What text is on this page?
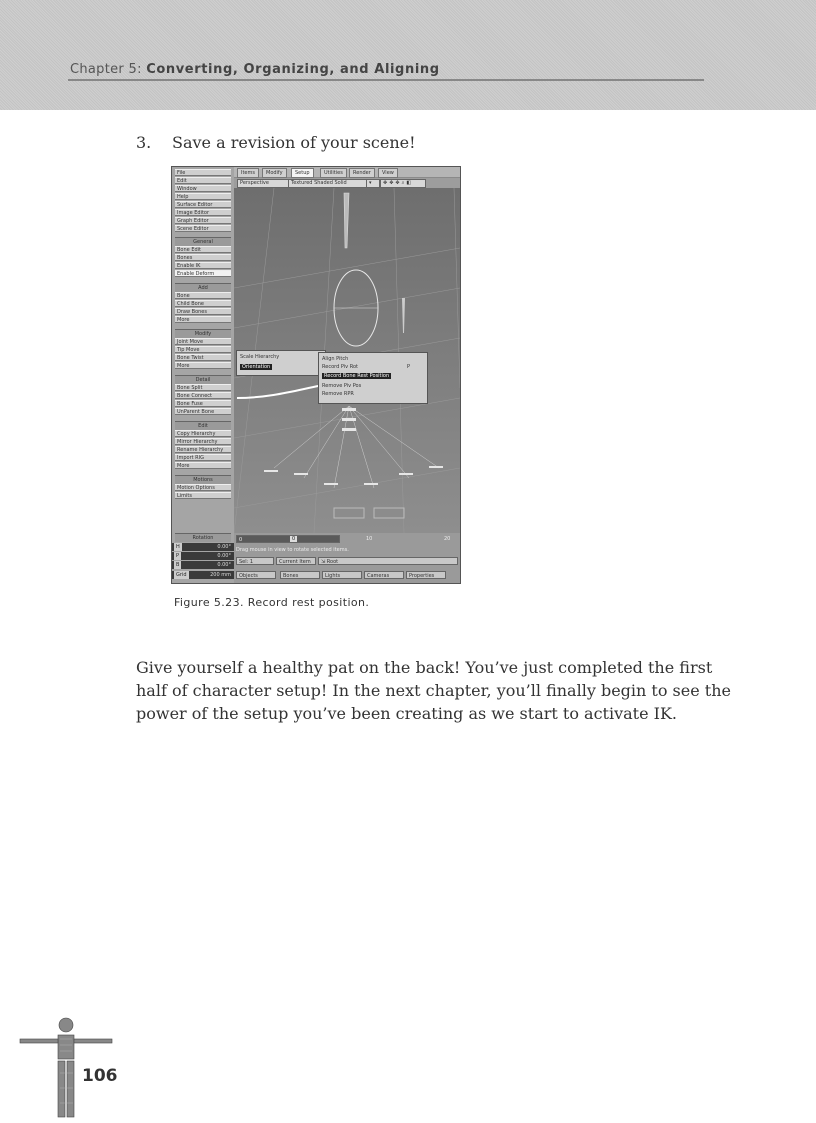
Chapter 5: Converting, Organizing, and Aligning
3. Save a revision of your scene!
File
Edit
Window
Help
Surface Editor
Image Editor
Graph Editor
Scene Editor
General
Bone Edit
Bones
Enable IK
Enable Deform
Add
Bone
Child Bone
Draw Bones
More
Modify
Joint Move
Tip Move
Bone Twist
More
Detail
Bone Split
Bone Connect
Bone Fuse
UnParent Bone
Edit
Copy Hierarchy
Mirror Hierarchy
Rename Hierarchy
Import RIG
More
Motions
Motion Options
Limits
Rotation
H	0.00°
P	0.00°
B	0.00°
Grid	200 mm
Items	Modify	Setup	Utilities	Render	View
Perspective	Textured Shaded Solid	▾	✥✥✥⌕◧
Scale Hierarchy
Orientation
Align Pitch
Record Piv Rot	P
Record Bone Rest Position
Remove Piv Pos
Remove RPR
0	0	10	20
Drag mouse in view to rotate selected items.
Sel: 1	Current Item	⇲ Root
Objects	Bones	Lights	Cameras	Properties
Figure 5.23. Record rest position.
Give yourself a healthy pat on the back! You’ve just completed the first half of character setup! In the next chapter, you’ll finally begin to see the power of the setup you’ve been creating as we start to activate IK.
106
